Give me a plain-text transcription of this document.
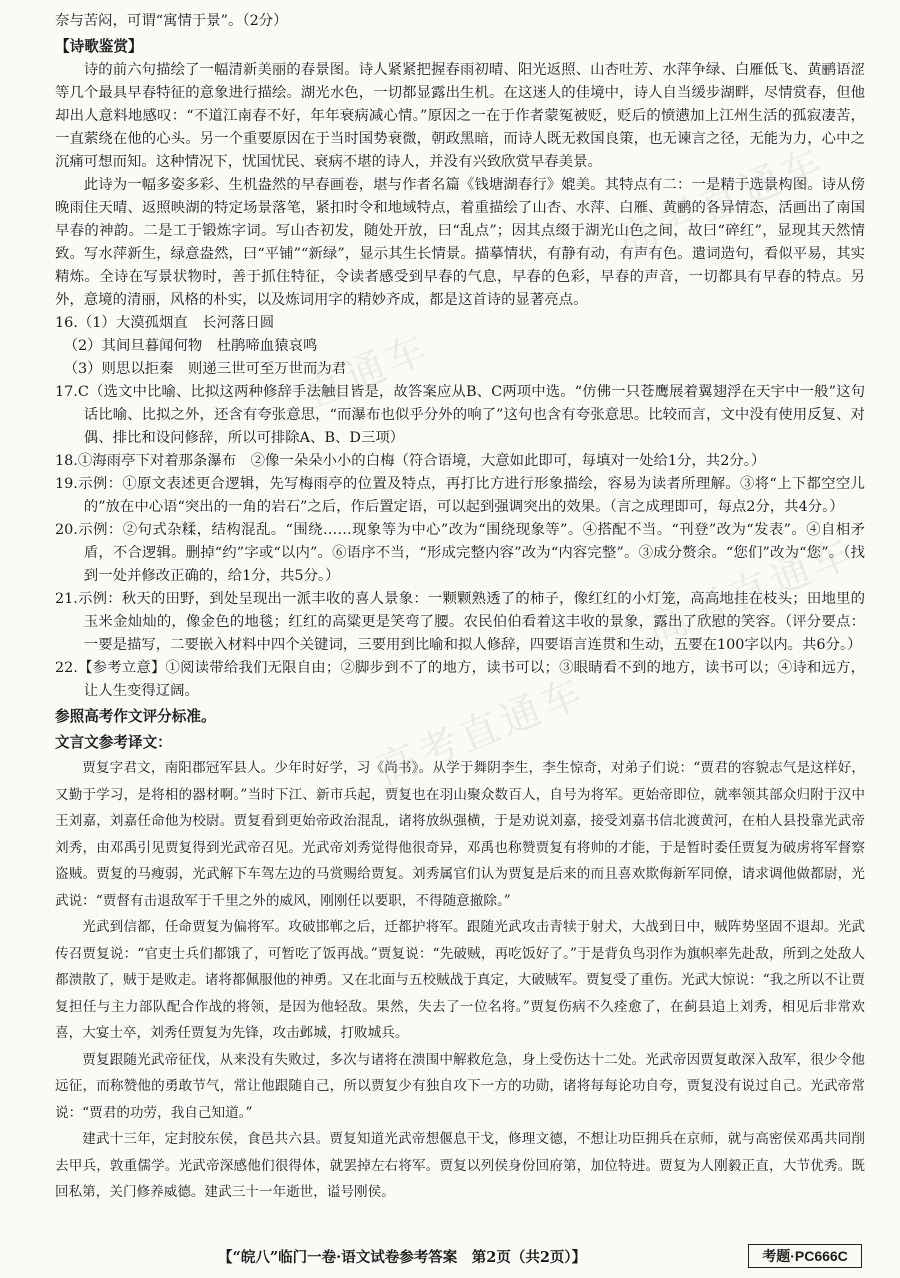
奈与苦闷，可谓“寓情于景”。（2分）

【诗歌鉴赏】

诗的前六句描绘了一幅清新美丽的春景图。诗人紧紧把握春雨初晴、阳光返照、山杏吐芳、水萍争绿、白雁低飞、黄鹂语涩等几个最具早春特征的意象进行描绘。湖光水色，一切都显露出生机。在这迷人的佳境中，诗人自当缓步湖畔，尽情赏春，但他却出人意料地感叹：“不道江南春不好，年年衰病减心情。”原因之一在于作者蒙冤被贬，贬后的愤懑加上江州生活的孤寂凄苦，一直萦绕在他的心头。另一个重要原因在于当时国势衰微，朝政黑暗，而诗人既无救国良策，也无谏言之径，无能为力，心中之沉痛可想而知。这种情况下，忧国忧民、衰病不堪的诗人，并没有兴致欣赏早春美景。

此诗为一幅多姿多彩、生机盎然的早春画卷，堪与作者名篇《钱塘湖春行》媲美。其特点有二：一是精于选景构图。诗从傍晚雨住天晴、返照映湖的特定场景落笔，紧扣时令和地域特点，着重描绘了山杏、水萍、白雁、黄鹂的各异情态，活画出了南国早春的神韵。二是工于锻炼字词。写山杏初发，随处开放，曰“乱点”；因其点缀于湖光山色之间，故曰“碎红”，显现其天然情致。写水萍新生，绿意盎然，曰“平铺”“新绿”，显示其生长情景。描摹情状，有静有动，有声有色。遣词造句，看似平易，其实精炼。全诗在写景状物时，善于抓住特征，令读者感受到早春的气息，早春的色彩，早春的声音，一切都具有早春的特点。另外，意境的清丽，风格的朴实，以及炼词用字的精妙齐成，都是这首诗的显著亮点。

16.（1）大漠孤烟直　长河落日圆

（2）其间旦暮闻何物　杜鹃啼血猿哀鸣

（3）则思以拒秦　则递三世可至万世而为君

17.C（选文中比喻、比拟这两种修辞手法触目皆是，故答案应从B、C两项中选。“仿佛一只苍鹰展着翼翅浮在天宇中一般”这句话比喻、比拟之外，还含有夸张意思，“而瀑布也似乎分外的响了”这句也含有夸张意思。比较而言，文中没有使用反复、对偶、排比和设问修辞，所以可排除A、B、D三项）

18.①海雨亭下对着那条瀑布　②像一朵朵小小的白梅（符合语境，大意如此即可，每填对一处给1分，共2分。）

19.示例：①原文表述更合逻辑，先写梅雨亭的位置及特点，再打比方进行形象描绘，容易为读者所理解。③将“上下都空空儿的”放在中心语“突出的一角的岩石”之后，作后置定语，可以起到强调突出的效果。（言之成理即可，每点2分，共4分。）

20.示例：②句式杂糅，结构混乱。“围绕……现象等为中心”改为“围绕现象等”。④搭配不当。“刊登”改为“发表”。④自相矛盾，不合逻辑。删掉“约”字或“以内”。⑥语序不当，“形成完整内容”改为“内容完整”。③成分赘余。“您们”改为“您”。（找到一处并修改正确的，给1分，共5分。）

21.示例：秋天的田野，到处呈现出一派丰收的喜人景象：一颗颗熟透了的柿子，像红红的小灯笼，高高地挂在枝头；田地里的玉米金灿灿的，像金色的地毯；红红的高粱更是笑弯了腰。农民伯伯看着这丰收的景象，露出了欣慰的笑容。（评分要点：一要是描写，二要嵌入材料中四个关键词，三要用到比喻和拟人修辞，四要语言连贯和生动，五要在100字以内。共6分。）

22.【参考立意】①阅读带给我们无限自由；②脚步到不了的地方，读书可以；③眼睛看不到的地方，读书可以；④诗和远方，让人生变得辽阔。

参照高考作文评分标准。

文言文参考译文：

贾复字君文，南阳郡冠军县人。少年时好学，习《尚书》。从学于舞阴李生，李生惊奇，对弟子们说：“贾君的容貌志气是这样好，又勤于学习，是将相的器材啊。”当时下江、新市兵起，贾复也在羽山聚众数百人，自号为将军。更始帝即位，就率领其部众归附于汉中王刘嘉，刘嘉任命他为校尉。贾复看到更始帝政治混乱，诸将放纵强横，于是劝说刘嘉，接受刘嘉书信北渡黄河，在柏人县投靠光武帝刘秀，由邓禹引见贾复得到光武帝召见。光武帝刘秀觉得他很奇异，邓禹也称赞贾复有将帅的才能，于是暂时委任贾复为破虏将军督察盗贼。贾复的马瘦弱，光武解下车驾左边的马赏赐给贾复。刘秀属官们认为贾复是后来的而且喜欢欺侮新军同僚，请求调他做都尉，光武说：“贾督有击退敌军于千里之外的威风，刚刚任以要职，不得随意撤除。”

光武到信都，任命贾复为偏将军。攻破邯郸之后，迁都护将军。跟随光武攻击青犊于射犬，大战到日中，贼阵势坚固不退却。光武传召贾复说：“官吏士兵们都饿了，可暂吃了饭再战。”贾复说：“先破贼，再吃饭好了。”于是背负鸟羽作为旗帜率先赴敌，所到之处敌人都溃散了，贼于是败走。诸将都佩服他的神勇。又在北面与五校贼战于真定，大破贼军。贾复受了重伤。光武大惊说：“我之所以不让贾复担任与主力部队配合作战的将领，是因为他轻敌。果然，失去了一位名将。”贾复伤病不久痊愈了，在蓟县追上刘秀，相见后非常欢喜，大宴士卒，刘秀任贾复为先锋，攻击邺城，打败城兵。

贾复跟随光武帝征伐，从来没有失败过，多次与诸将在溃围中解救危急，身上受伤达十二处。光武帝因贾复敢深入敌军，很少令他远征，而称赞他的勇敢节气，常让他跟随自己，所以贾复少有独自攻下一方的功勋，诸将每每论功自夸，贾复没有说过自己。光武帝常说：“贾君的功劳，我自己知道。”

建武十三年，定封胶东侯，食邑共六县。贾复知道光武帝想偃息干戈，修理文德，不想让功臣拥兵在京师，就与高密侯邓禹共同削去甲兵，敦重儒学。光武帝深感他们很得体，就罢掉左右将军。贾复以列侯身份回府第，加位特进。贾复为人刚毅正直，大节优秀。既回私第，关门修养威德。建武三十一年逝世，谥号刚侯。

高考直通车
高考直通车
直通车
高考直通车
【“皖八”临门一卷·语文试卷参考答案　第2页（共2页）】	考题·PC666C
